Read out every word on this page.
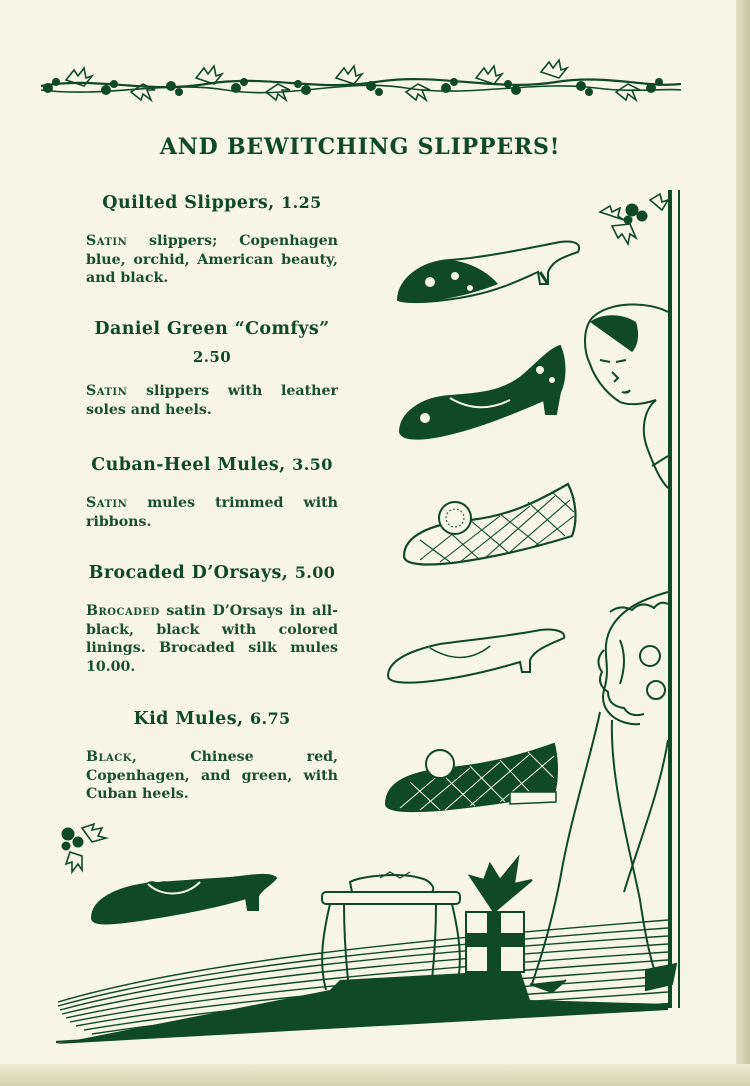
AND BEWITCHING SLIPPERS!
Quilted Slippers, 1.25

Satin slippers; Copenhagen blue, orchid, American beauty, and black.

Daniel Green “Comfys”
2.50

Satin slippers with leather soles and heels.

Cuban-Heel Mules, 3.50

Satin mules trimmed with ribbons.

Brocaded D’Orsays, 5.00

Brocaded satin D’Orsays in all-black, black with colored linings. Brocaded silk mules 10.00.

Kid Mules, 6.75

Black, Chinese red, Copenhagen, and green, with Cuban heels.
